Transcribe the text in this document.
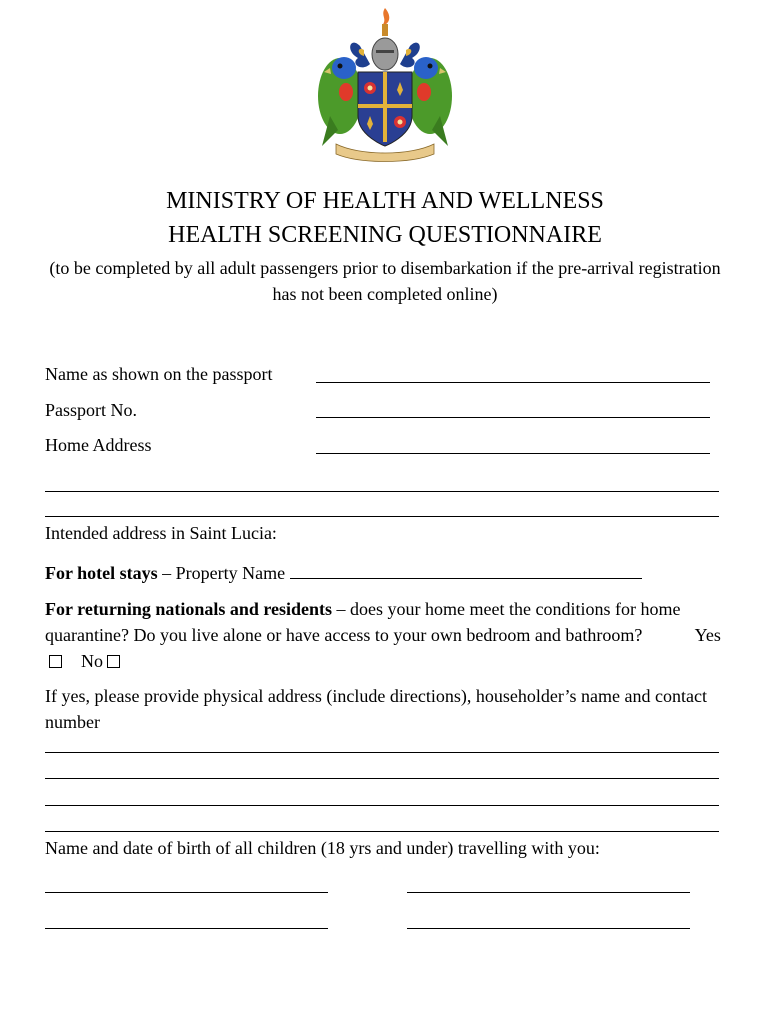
MINISTRY OF HEALTH AND WELLNESS
HEALTH SCREENING QUESTIONNAIRE
(to be completed by all adult passengers prior to disembarkation if the pre-arrival registration has not been completed online)
Name as shown on the passport
Passport No.
Home Address
Intended address in Saint Lucia:
For hotel stays – Property Name
For returning nationals and residents – does your home meet the conditions for home quarantine? Do you live alone or have access to your own bedroom and bathroom?	Yes  No
If yes, please provide physical address (include directions), householder’s name and contact number
Name and date of birth of all children (18 yrs and under) travelling with you:
